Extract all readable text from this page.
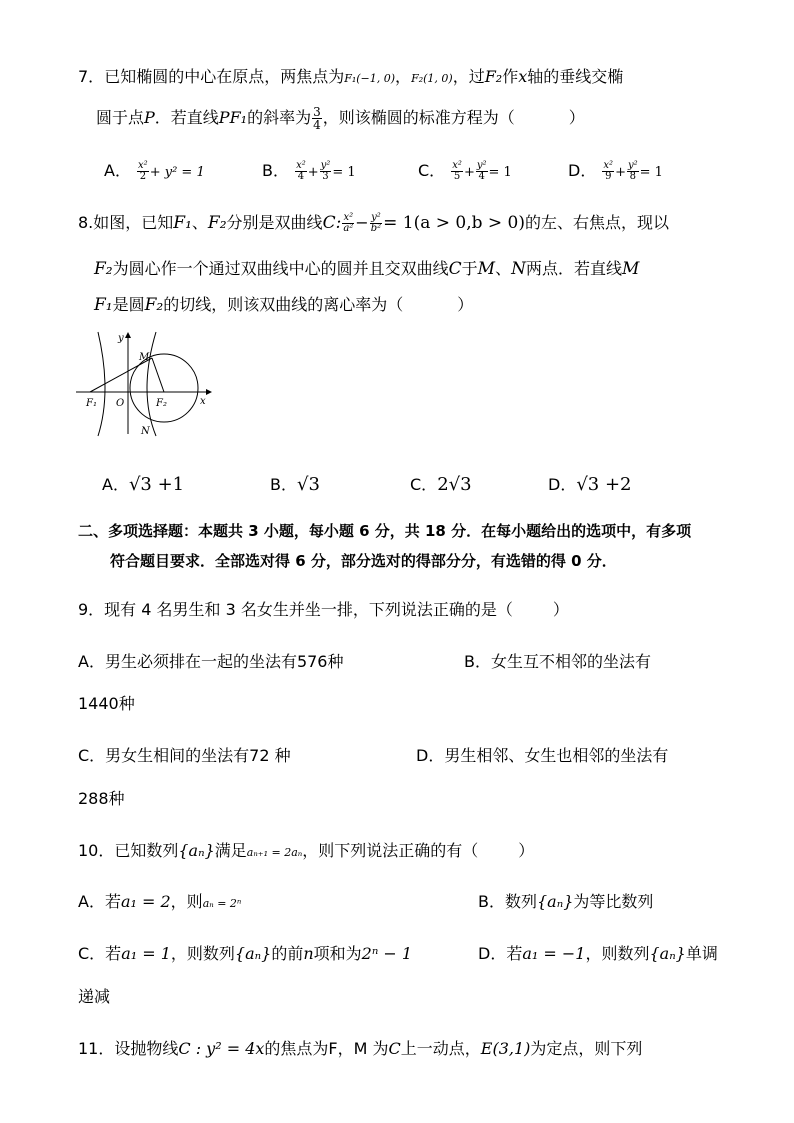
7．已知椭圆的中心在原点，两焦点为F₁(−1, 0)，F₂(1, 0)，过F₂作x轴的垂线交椭
圆于点P．若直线PF₁的斜率为 $\frac{3}{4}$ ，则该椭圆的标准方程为（	）
A． $\frac{\text{x²}}{2} + y^2 = 1$	B． $\frac{\text{x²}}{4} + \frac{\text{y²}}{3} = 1$	C． $\frac{\text{x²}}{5} + \frac{\text{y²}}{4} = 1$	D． $\frac{\text{x²}}{9} + \frac{\text{y²}}{8} = 1$
8.如图，已知F₁、F₂分别是双曲线C: $\frac{\text{x²}}{\text{a²}} - \frac{\text{y²}}{\text{b²}} = 1(a > 0,b > 0)$的左、右焦点，现以
F₂为圆心作一个通过双曲线中心的圆并且交双曲线C于M、N两点．若直线M
F₁是圆F₂的切线，则该双曲线的离心率为（	）
y
M
F₁ O	F₂	x
N
A．√3 +1	B．√3	C．2√3	D．√3 +2
二、多项选择题：本题共 3 小题，每小题 6 分，共 18 分．在每小题给出的选项中，有多项
符合题目要求．全部选对得 6 分，部分选对的得部分分，有选错的得 0 分．
9．现有 4 名男生和 3 名女生并坐一排，下列说法正确的是（	）
A．男生必须排在一起的坐法有576种	B．女生互不相邻的坐法有
1440种
C．男女生相间的坐法有72 种	D．男生相邻、女生也相邻的坐法有
288种
10．已知数列{aₙ}满足aₙ₊₁ = 2aₙ，则下列说法正确的有（	）
A．若a₁ = 2，则aₙ = 2ⁿ	B．数列{aₙ}为等比数列
C．若a₁ = 1，则数列{aₙ}的前n项和为2ⁿ − 1	D．若a₁ = −1，则数列{aₙ}单调
递减
11．设抛物线C : y² = 4x的焦点为F，M 为C上一动点，E(3,1)为定点，则下列
